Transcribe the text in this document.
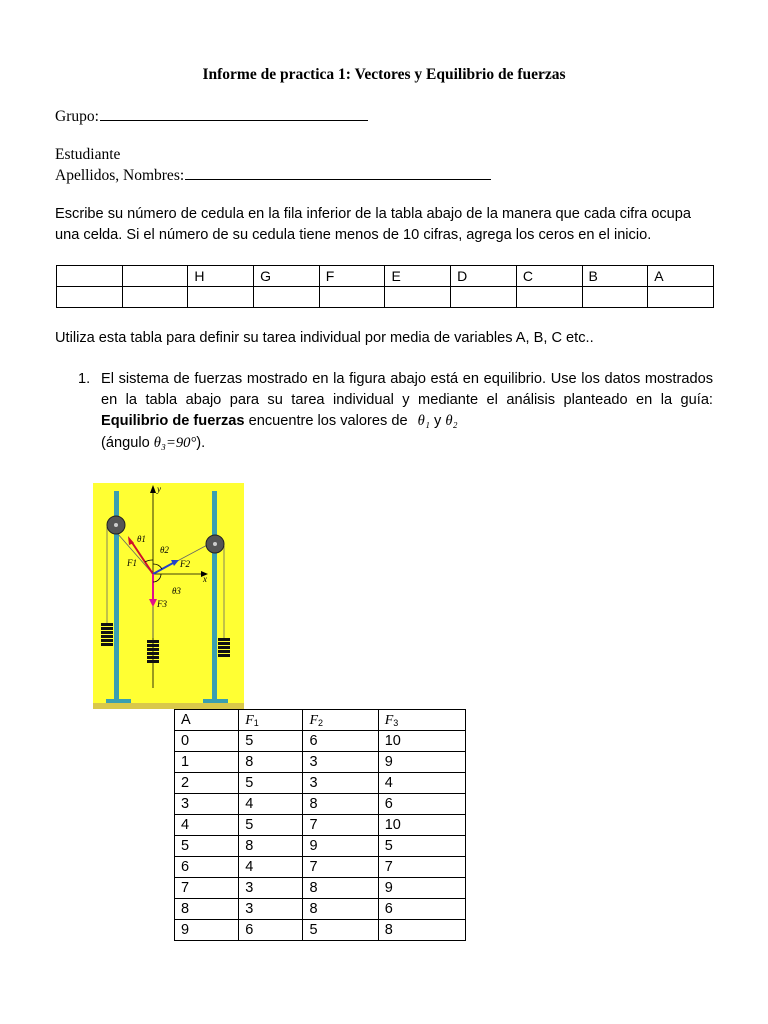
Informe de practica 1: Vectores y Equilibrio de fuerzas
Grupo:
Estudiante
Apellidos, Nombres:
Escribe su número de cedula en la fila inferior de la tabla abajo de la manera que cada cifra ocupa una celda. Si el número de su cedula tiene menos de 10 cifras, agrega los ceros en el inicio.
		H	G	F	E	D	C	B	A

Utiliza esta tabla para definir su tarea individual por media de variables A, B, C etc..
1. El sistema de fuerzas mostrado en la figura abajo está en equilibrio. Use los datos mostrados en la tabla abajo para su tarea individual y mediante el análisis planteado en la guía: Equilibrio de fuerzas encuentre los valores de θ₁ y θ₂
(ángulo θ₃=90°).
y
x
θ1
θ2
θ3
F1	F2
F3
A	$F_1$	$F_2$	$F_3$
0	5	6	10
1	8	3	9
2	5	3	4
3	4	8	6
4	5	7	10
5	8	9	5
6	4	7	7
7	3	8	9
8	3	8	6
9	6	5	8
